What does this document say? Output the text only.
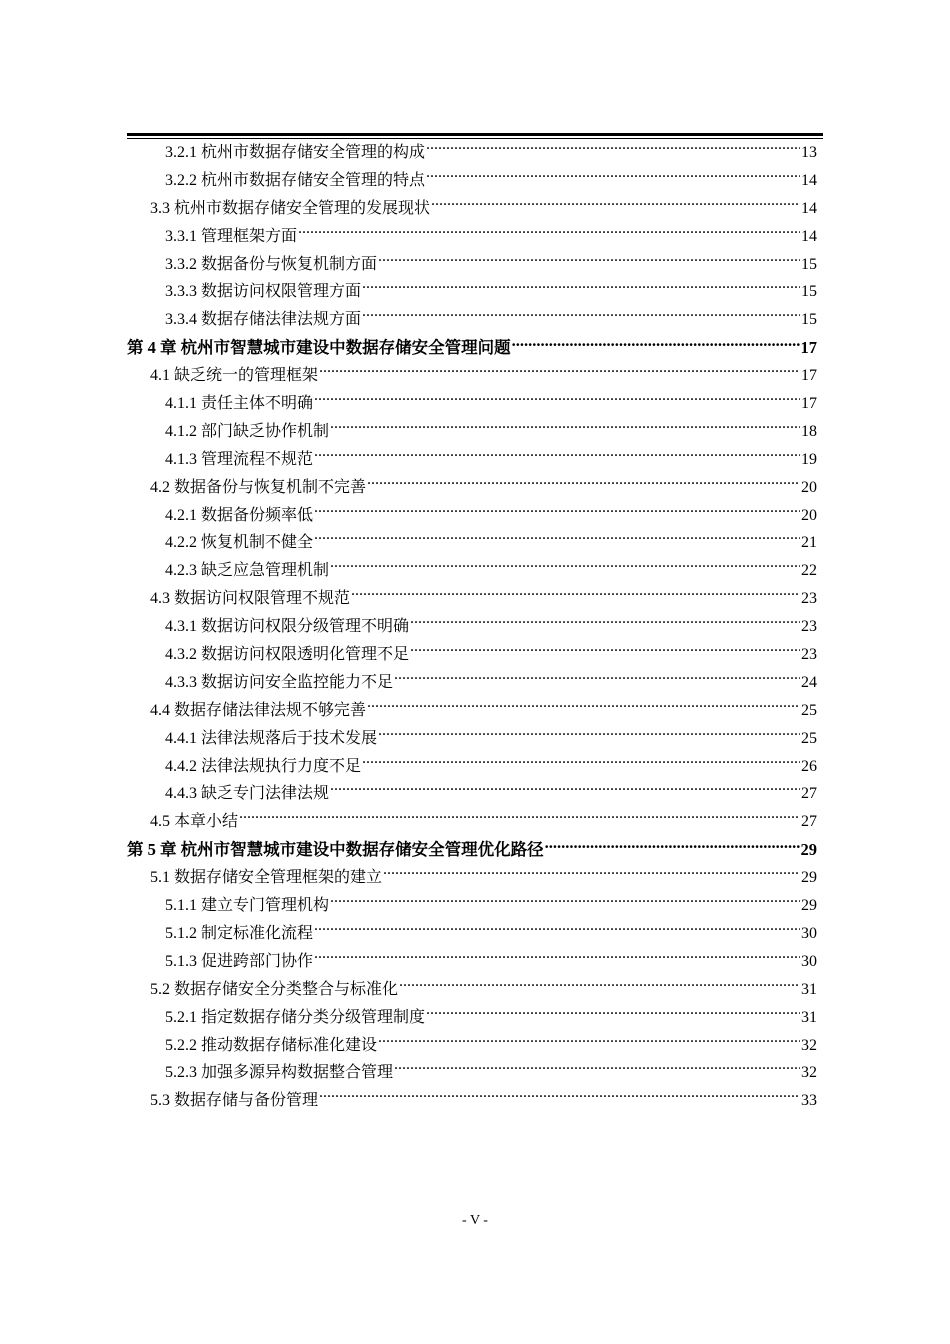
3.2.1 杭州市数据存储安全管理的构成 .....	13
3.2.2 杭州市数据存储安全管理的特点 .....	14
3.3 杭州市数据存储安全管理的发展现状 .....	14
3.3.1 管理框架方面 .....	14
3.3.2 数据备份与恢复机制方面 .....	15
3.3.3 数据访问权限管理方面 .....	15
3.3.4 数据存储法律法规方面 .....	15
第 4 章 杭州市智慧城市建设中数据存储安全管理问题 .....	17
4.1 缺乏统一的管理框架 .....	17
4.1.1 责任主体不明确 .....	17
4.1.2 部门缺乏协作机制 .....	18
4.1.3 管理流程不规范 .....	19
4.2 数据备份与恢复机制不完善 .....	20
4.2.1 数据备份频率低 .....	20
4.2.2 恢复机制不健全 .....	21
4.2.3 缺乏应急管理机制 .....	22
4.3 数据访问权限管理不规范 .....	23
4.3.1 数据访问权限分级管理不明确 .....	23
4.3.2 数据访问权限透明化管理不足 .....	23
4.3.3 数据访问安全监控能力不足 .....	24
4.4 数据存储法律法规不够完善 .....	25
4.4.1 法律法规落后于技术发展 .....	25
4.4.2 法律法规执行力度不足 .....	26
4.4.3 缺乏专门法律法规 .....	27
4.5 本章小结 .....	27
第 5 章 杭州市智慧城市建设中数据存储安全管理优化路径 .....	29
5.1 数据存储安全管理框架的建立 .....	29
5.1.1 建立专门管理机构 .....	29
5.1.2 制定标准化流程 .....	30
5.1.3 促进跨部门协作 .....	30
5.2 数据存储安全分类整合与标准化 .....	31
5.2.1 指定数据存储分类分级管理制度 .....	31
5.2.2 推动数据存储标准化建设 .....	32
5.2.3 加强多源异构数据整合管理 .....	32
5.3 数据存储与备份管理 .....	33
- V -
